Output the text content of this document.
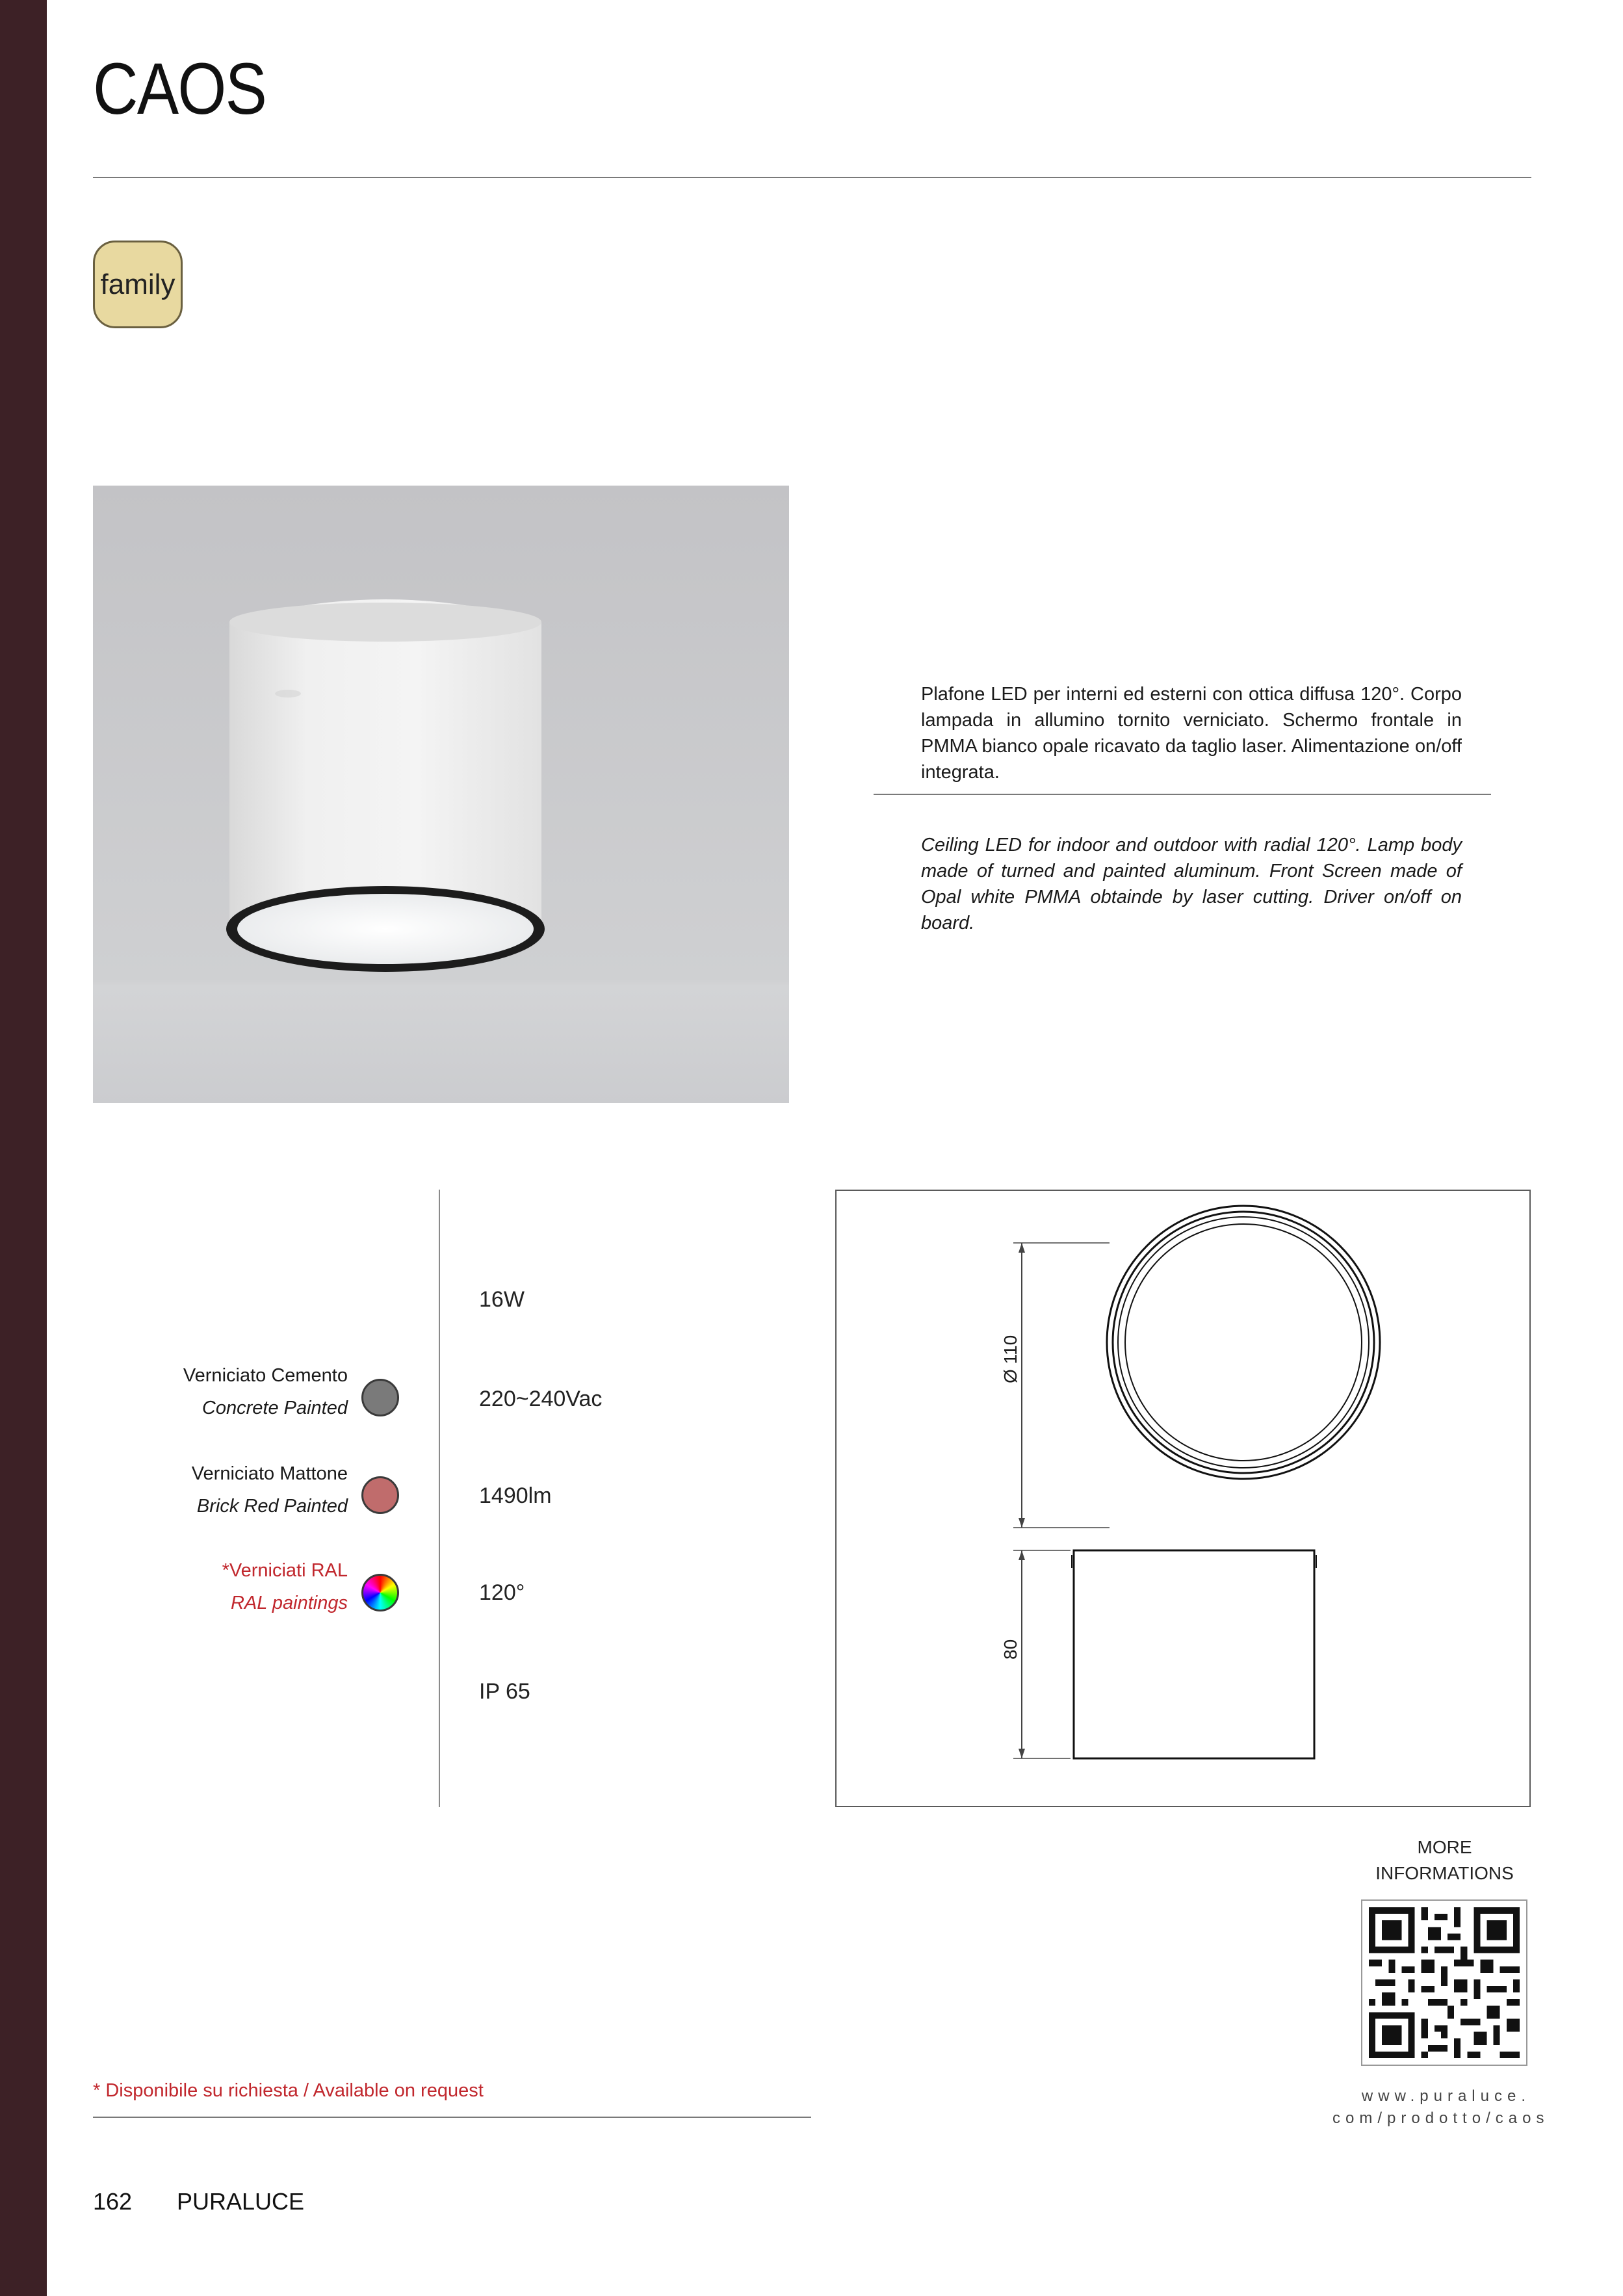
CAOS
family
Plafone LED per interni ed esterni con ottica diffusa 120°. Corpo lampada in allumino tornito verniciato. Schermo frontale in PMMA bianco opale ricavato da taglio laser. Alimentazione on/off integrata.
Ceiling LED for indoor and outdoor with radial 120°. Lamp body made of turned and painted aluminum. Front Screen made of Opal white PMMA obtainde by laser cutting. Driver on/off on board.
Verniciato Cemento
Concrete Painted
Verniciato Mattone
Brick Red Painted
*Verniciati RAL
RAL paintings
16W
220~240Vac
1490lm
120°
IP 65
Ø 110
80
MORE
INFORMATIONS
www.puraluce.
com/prodotto/caos
* Disponibile su richiesta / Available on request
162 PURALUCE
